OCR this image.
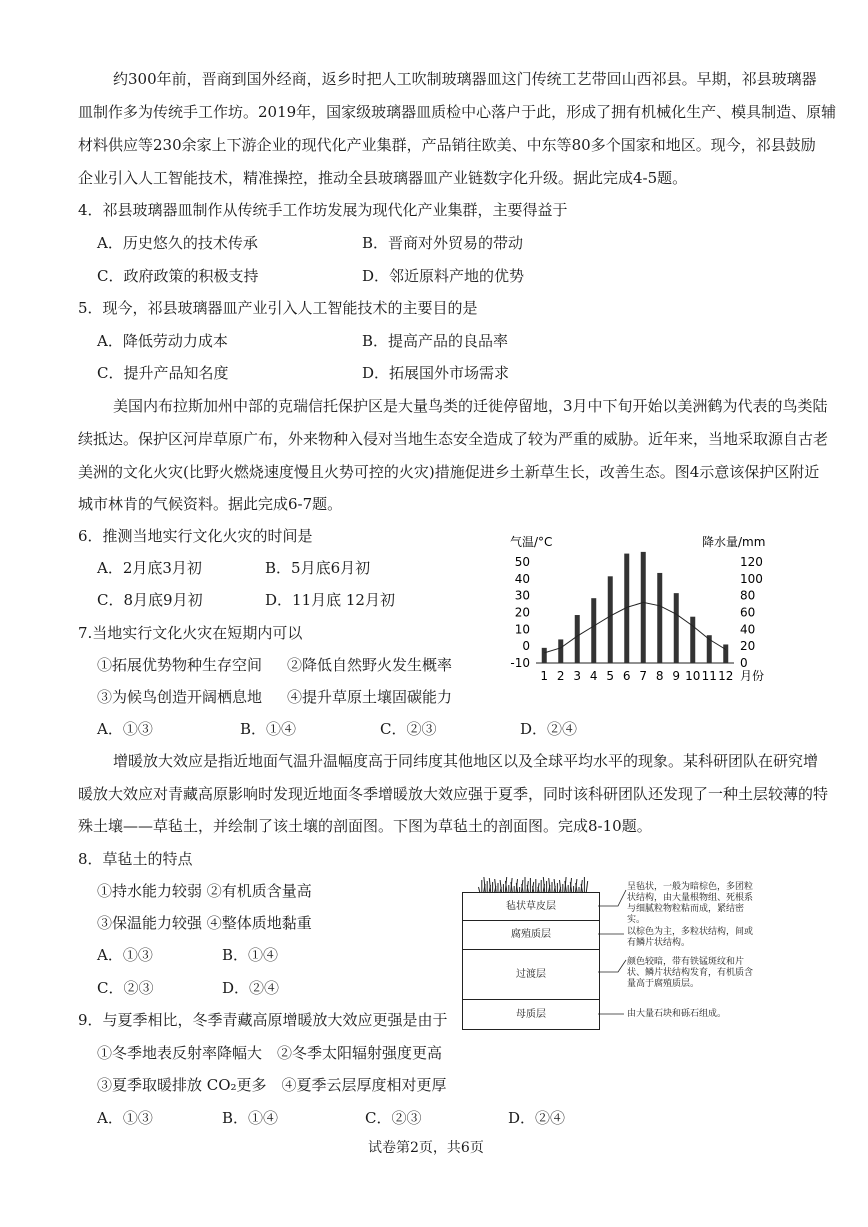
约300年前，晋商到国外经商，返乡时把人工吹制玻璃器皿这门传统工艺带回山西祁县。早期，祁县玻璃器
皿制作多为传统手工作坊。2019年，国家级玻璃器皿质检中心落户于此，形成了拥有机械化生产、模具制造、原辅
材料供应等230余家上下游企业的现代化产业集群，产品销往欧美、中东等80多个国家和地区。现今，祁县鼓励
企业引入人工智能技术，精准操控，推动全县玻璃器皿产业链数字化升级。据此完成4-5题。
4．祁县玻璃器皿制作从传统手工作坊发展为现代化产业集群，主要得益于
A．历史悠久的技术传承	B．晋商对外贸易的带动
C．政府政策的积极支持	D．邻近原料产地的优势
5．现今，祁县玻璃器皿产业引入人工智能技术的主要目的是
A．降低劳动力成本	B．提高产品的良品率
C．提升产品知名度	D．拓展国外市场需求
美国内布拉斯加州中部的克瑞信托保护区是大量鸟类的迁徙停留地，3月中下旬开始以美洲鹤为代表的鸟类陆
续抵达。保护区河岸草原广布，外来物种入侵对当地生态安全造成了较为严重的威胁。近年来，当地采取源自古老
美洲的文化火灾(比野火燃烧速度慢且火势可控的火灾)措施促进乡土新草生长，改善生态。图4示意该保护区附近
城市林肯的气候资料。据此完成6-7题。
6．推测当地实行文化火灾的时间是
A．2月底3月初	B．5月底6月初
C．8月底9月初	D．11月底 12月初
7.当地实行文化火灾在短期内可以
①拓展优势物种生存空间 ②降低自然野火发生概率
③为候鸟创造开阔栖息地 ④提升草原土壤固碳能力
A．①③	B．①④	C．②③	D．②④
气温/°C	降水量/mm
50
40
30
20
10
0
-10
120
100
80
60
40
20
0
1 2 3 4 5 6 7 8 9 10 11 12 月份
增暖放大效应是指近地面气温升温幅度高于同纬度其他地区以及全球平均水平的现象。某科研团队在研究增
暖放大效应对青藏高原影响时发现近地面冬季增暖放大效应强于夏季，同时该科研团队还发现了一种土层较薄的特
殊土壤——草毡土，并绘制了该土壤的剖面图。下图为草毡土的剖面图。完成8-10题。
8．草毡土的特点
①持水能力较弱 ②有机质含量高
③保温能力较强 ④整体质地黏重
A．①③	B．①④
C．②③	D．②④
毡状草皮层
腐殖质层
过渡层
母质层
呈毡状，一般为暗棕色，多团粒状结构，由大量根物组、死根系与细腻粒物粒粘而成，紧结密实。
以棕色为主，多粒状结构，间或有鳞片状结构。
颜色较暗，带有铁锰斑纹和片状、鳞片状结构发育，有机质含量高于腐殖质层。
由大量石块和砾石组成。
9．与夏季相比，冬季青藏高原增暖放大效应更强是由于
①冬季地表反射率降幅大　②冬季太阳辐射强度更高
③夏季取暖排放 CO₂更多　④夏季云层厚度相对更厚
A．①③	B．①④	C．②③	D．②④
试卷第2页，共6页
